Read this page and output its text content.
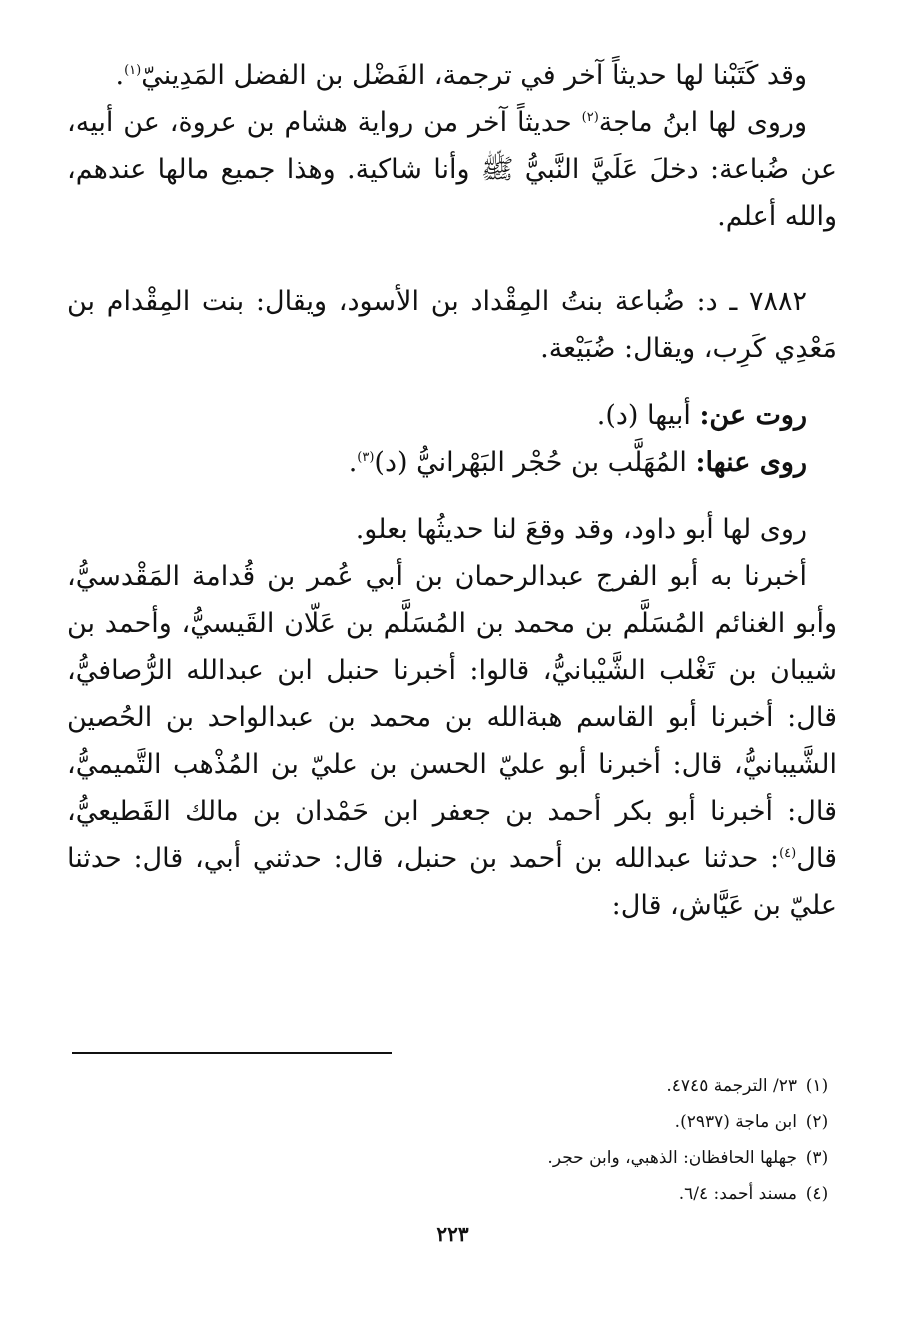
وقد كَتَبْنا لها حديثاً آخر في ترجمة، الفَضْل بن الفضل المَدِينيّ$^{(١)}$.

وروى لها ابنُ ماجة$^{(٢)}$ حديثاً آخر من رواية هشام بن عروة، عن أبيه، عن ضُباعة: دخلَ عَلَيَّ النَّبيُّ ﷺ وأنا شاكية. وهذا جميع مالها عندهم، والله أعلم.

٧٨٨٢ ـ د: ضُباعة بنتُ المِقْداد بن الأسود، ويقال: بنت المِقْدام بن مَعْدِي كَرِب، ويقال: ضُبَيْعة.

روت عن: أبيها (د).

روى عنها: المُهَلَّب بن حُجْر البَهْرانيُّ (د)$^{(٣)}$.

روى لها أبو داود، وقد وقعَ لنا حديثُها بعلو.

أخبرنا به أبو الفرج عبدالرحمان بن أبي عُمر بن قُدامة المَقْدسيُّ، وأبو الغنائم المُسَلَّم بن محمد بن المُسَلَّم بن عَلّان القَيسيُّ، وأحمد بن شيبان بن تَغْلب الشَّيْبانيُّ، قالوا: أخبرنا حنبل ابن عبدالله الرُّصافيُّ، قال: أخبرنا أبو القاسم هبةالله بن محمد بن عبدالواحد بن الحُصين الشَّيبانيُّ، قال: أخبرنا أبو عليّ الحسن بن عليّ بن المُذْهب التَّميميُّ، قال: أخبرنا أبو بكر أحمد بن جعفر ابن حَمْدان بن مالك القَطيعيُّ، قال$^{(٤)}$: حدثنا عبدالله بن أحمد بن حنبل، قال: حدثني أبي، قال: حدثنا عليّ بن عَيَّاش، قال:

(١)
٢٣/ الترجمة ٤٧٤٥.
(٢)
ابن ماجة (٢٩٣٧).
(٣)
جهلها الحافظان: الذهبي، وابن حجر.
(٤)
مسند أحمد: ٦/٤.
٢٢٣
